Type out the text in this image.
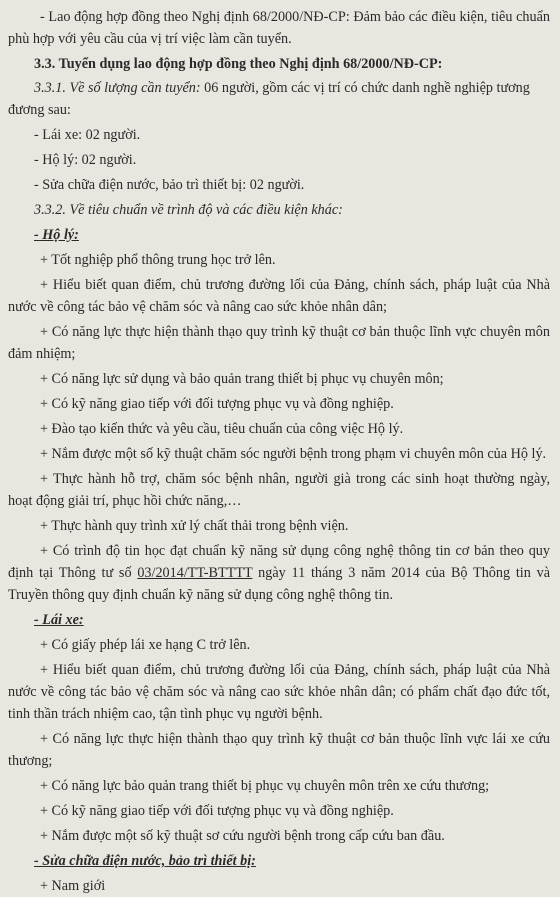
- Lao động hợp đồng theo Nghị định 68/2000/NĐ-CP: Đảm bảo các điều kiện, tiêu chuẩn phù hợp với yêu cầu của vị trí việc làm cần tuyển.

3.3. Tuyển dụng lao động hợp đồng theo Nghị định 68/2000/NĐ-CP:

3.3.1. Về số lượng cần tuyển: 06 người, gồm các vị trí có chức danh nghề nghiệp tương đương sau:

- Lái xe: 02 người.

- Hộ lý: 02 người.

- Sửa chữa điện nước, bảo trì thiết bị: 02 người.

3.3.2. Về tiêu chuẩn về trình độ và các điều kiện khác:

- Hộ lý:

+ Tốt nghiệp phổ thông trung học trở lên.

+ Hiểu biết quan điểm, chủ trương đường lối của Đảng, chính sách, pháp luật của Nhà nước về công tác bảo vệ chăm sóc và nâng cao sức khỏe nhân dân;

+ Có năng lực thực hiện thành thạo quy trình kỹ thuật cơ bản thuộc lĩnh vực chuyên môn đảm nhiệm;

+ Có năng lực sử dụng và bảo quản trang thiết bị phục vụ chuyên môn;

+ Có kỹ năng giao tiếp với đối tượng phục vụ và đồng nghiệp.

+ Đào tạo kiến thức và yêu cầu, tiêu chuẩn của công việc Hộ lý.

+ Nắm được một số kỹ thuật chăm sóc người bệnh trong phạm vi chuyên môn của Hộ lý.

+ Thực hành hỗ trợ, chăm sóc bệnh nhân, người già trong các sinh hoạt thường ngày, hoạt động giải trí, phục hồi chức năng,…

+ Thực hành quy trình xử lý chất thải trong bệnh viện.

+ Có trình độ tin học đạt chuẩn kỹ năng sử dụng công nghệ thông tin cơ bản theo quy định tại Thông tư số 03/2014/TT-BTTTT ngày 11 tháng 3 năm 2014 của Bộ Thông tin và Truyền thông quy định chuẩn kỹ năng sử dụng công nghệ thông tin.

- Lái xe:

+ Có giấy phép lái xe hạng C trở lên.

+ Hiểu biết quan điểm, chủ trương đường lối của Đảng, chính sách, pháp luật của Nhà nước về công tác bảo vệ chăm sóc và nâng cao sức khỏe nhân dân; có phẩm chất đạo đức tốt, tinh thần trách nhiệm cao, tận tình phục vụ người bệnh.

+ Có năng lực thực hiện thành thạo quy trình kỹ thuật cơ bản thuộc lĩnh vực lái xe cứu thương;

+ Có năng lực bảo quản trang thiết bị phục vụ chuyên môn trên xe cứu thương;

+ Có kỹ năng giao tiếp với đối tượng phục vụ và đồng nghiệp.

+ Nắm được một số kỹ thuật sơ cứu người bệnh trong cấp cứu ban đầu.

- Sửa chữa điện nước, bảo trì thiết bị:

+ Nam giới
